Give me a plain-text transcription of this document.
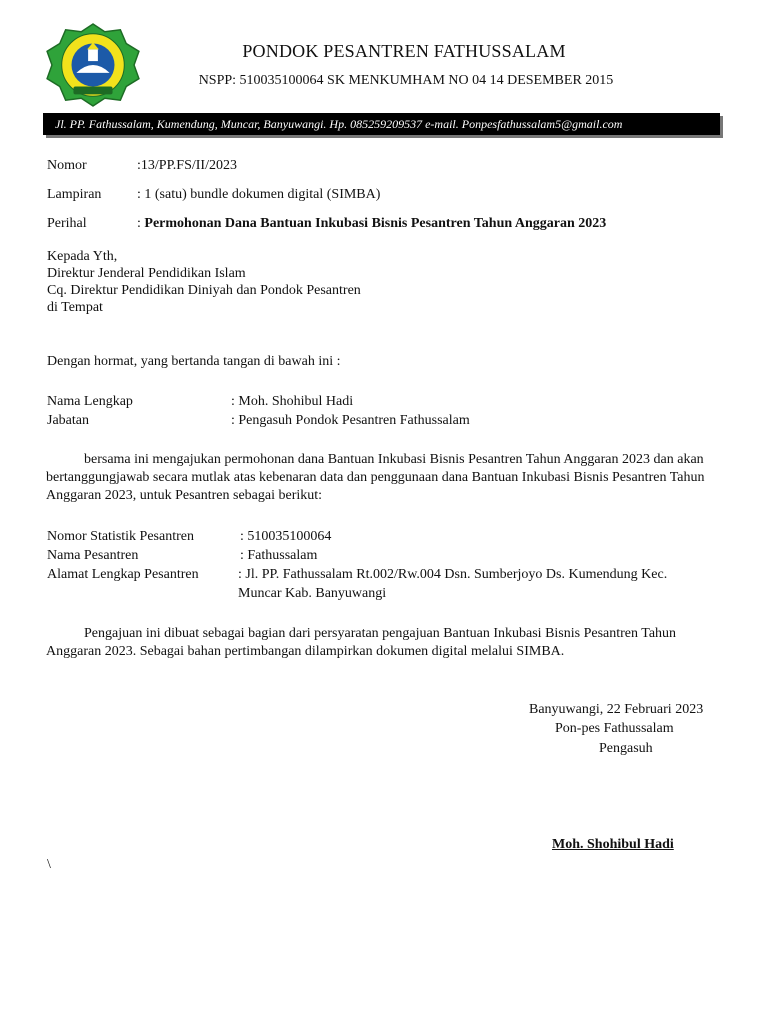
PONDOK PESANTREN FATHUSSALAM
NSPP: 510035100064 SK MENKUMHAM NO 04 14 DESEMBER 2015
Jl. PP. Fathussalam, Kumendung, Muncar, Banyuwangi. Hp. 085259209537 e-mail. Ponpesfathussalam5@gmail.com
Nomor	:13/PP.FS/II/2023
Lampiran	: 1 (satu) bundle dokumen digital (SIMBA)
Perihal	: Permohonan Dana Bantuan Inkubasi Bisnis Pesantren Tahun Anggaran 2023
Kepada Yth,
Direktur Jenderal Pendidikan Islam
Cq. Direktur Pendidikan Diniyah dan Pondok Pesantren
di Tempat
Dengan hormat, yang bertanda tangan di bawah ini :
Nama Lengkap	: Moh. Shohibul Hadi
Jabatan	: Pengasuh Pondok Pesantren Fathussalam
bersama ini mengajukan permohonan dana Bantuan Inkubasi Bisnis Pesantren Tahun Anggaran 2023 dan akan bertanggungjawab secara mutlak atas kebenaran data dan penggunaan dana Bantuan Inkubasi Bisnis Pesantren Tahun Anggaran 2023, untuk Pesantren sebagai berikut:
Nomor Statistik Pesantren	: 510035100064
Nama Pesantren	: Fathussalam
Alamat Lengkap Pesantren	: Jl. PP. Fathussalam Rt.002/Rw.004 Dsn. Sumberjoyo Ds. Kumendung Kec.
Muncar Kab. Banyuwangi
Pengajuan ini dibuat sebagai bagian dari persyaratan pengajuan Bantuan Inkubasi Bisnis Pesantren Tahun Anggaran 2023. Sebagai bahan pertimbangan dilampirkan dokumen digital melalui SIMBA.
Banyuwangi, 22 Februari 2023
Pon-pes Fathussalam
Pengasuh
Moh. Shohibul Hadi
\
